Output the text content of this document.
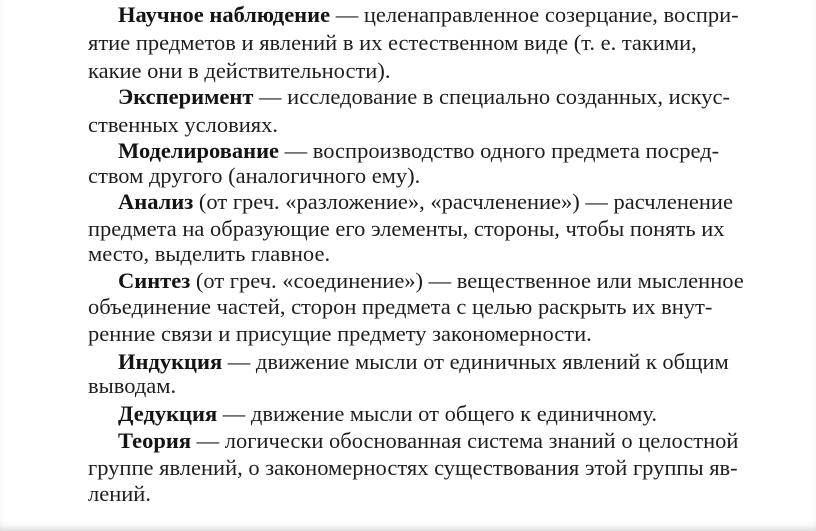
Научное наблюдение — целенаправленное созерцание, воспри-
ятие предметов и явлений в их естественном виде (т. е. такими,
какие они в действительности).
Эксперимент — исследование в специально созданных, искус-
ственных условиях.
Моделирование — воспроизводство одного предмета посред-
ством другого (аналогичного ему).
Анализ (от греч. «разложение», «расчленение») — расчленение
предмета на образующие его элементы, стороны, чтобы понять их
место, выделить главное.
Синтез (от греч. «соединение») — вещественное или мысленное
объединение частей, сторон предмета с целью раскрыть их внут-
ренние связи и присущие предмету закономерности.
Индукция — движение мысли от единичных явлений к общим
выводам.
Дедукция — движение мысли от общего к единичному.
Теория — логически обоснованная система знаний о целостной
группе явлений, о закономерностях существования этой группы яв-
лений.
